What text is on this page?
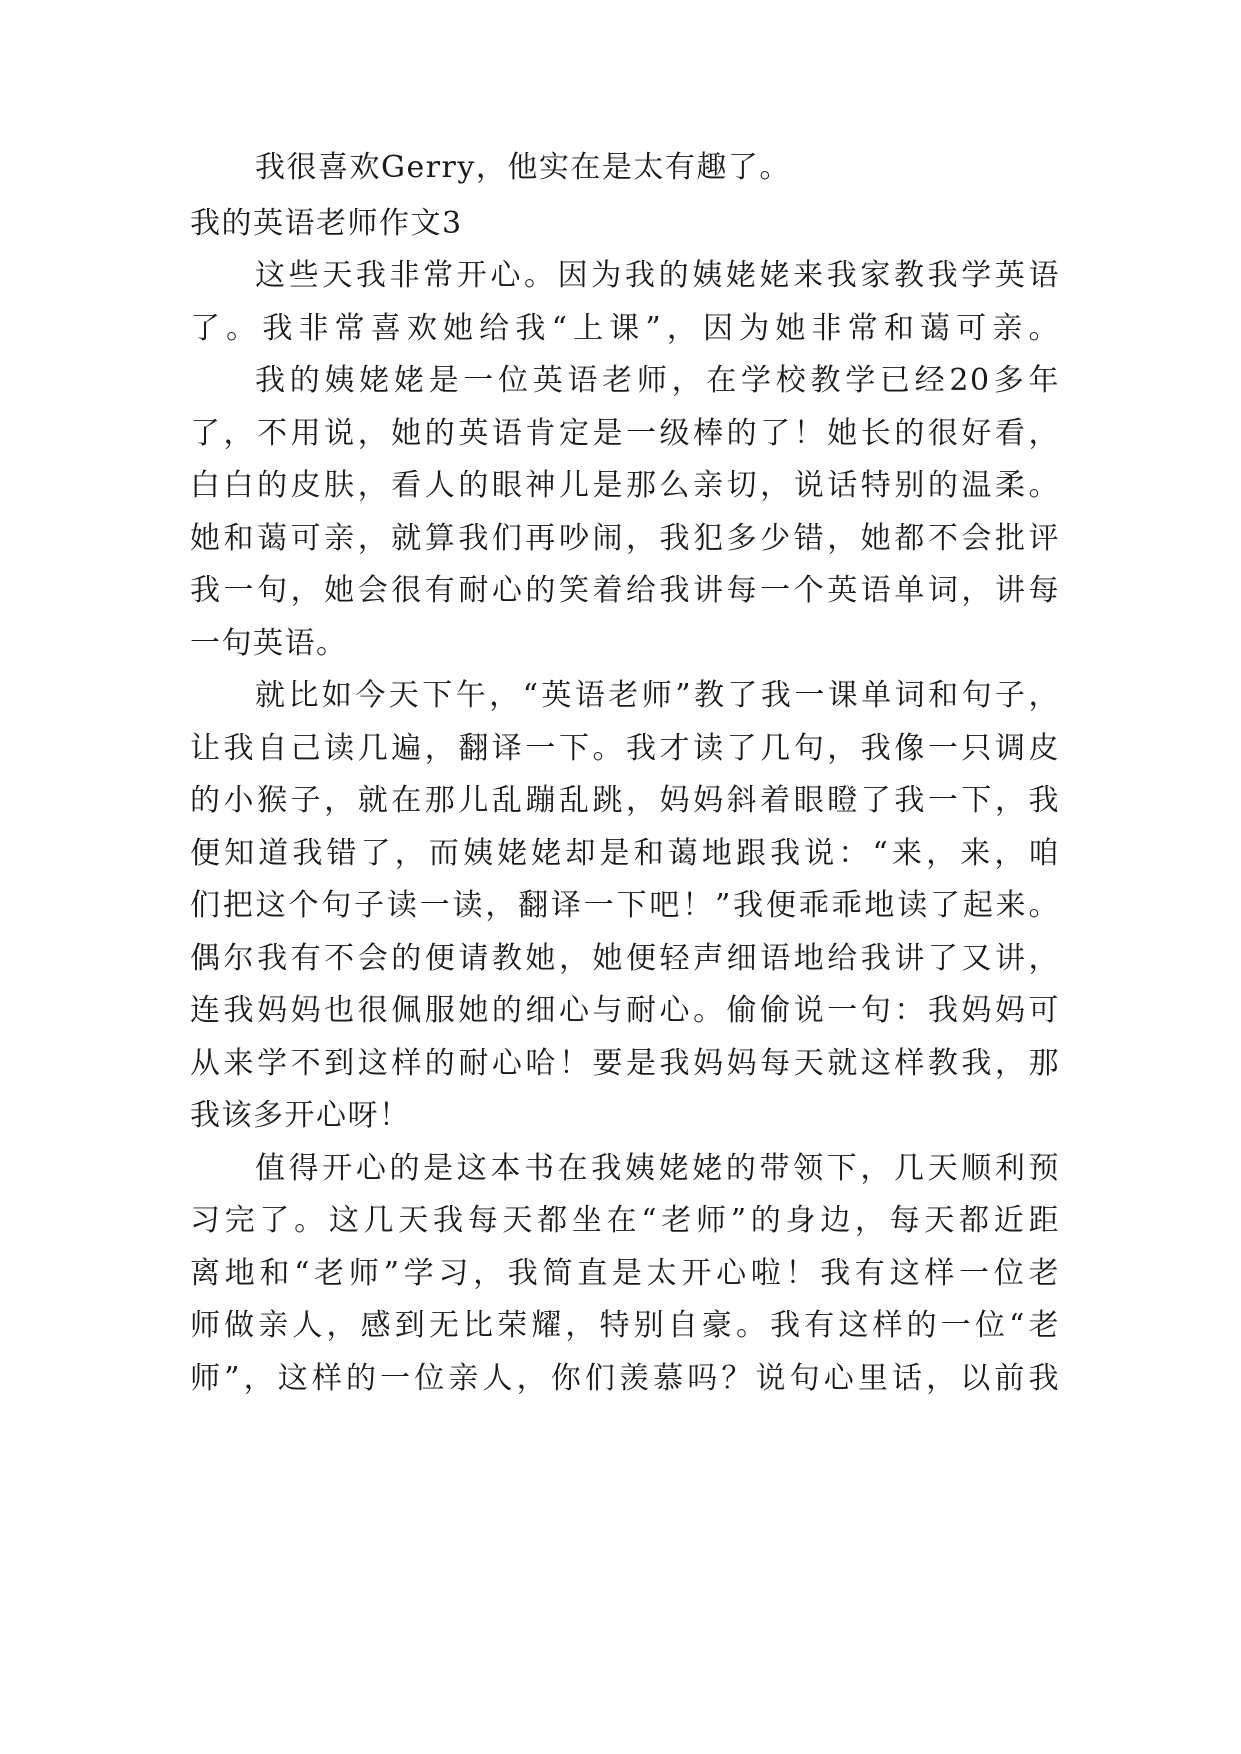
我很喜欢Gerry，他实在是太有趣了。
我的英语老师作文3
这些天我非常开心。因为我的姨姥姥来我家教我学英语
了。我非常喜欢她给我“上课”，因为她非常和蔼可亲。
我的姨姥姥是一位英语老师，在学校教学已经20多年
了，不用说，她的英语肯定是一级棒的了！她长的很好看，
白白的皮肤，看人的眼神儿是那么亲切，说话特别的温柔。
她和蔼可亲，就算我们再吵闹，我犯多少错，她都不会批评
我一句，她会很有耐心的笑着给我讲每一个英语单词，讲每
一句英语。
就比如今天下午，“英语老师”教了我一课单词和句子，
让我自己读几遍，翻译一下。我才读了几句，我像一只调皮
的小猴子，就在那儿乱蹦乱跳，妈妈斜着眼瞪了我一下，我
便知道我错了，而姨姥姥却是和蔼地跟我说：“来，来，咱
们把这个句子读一读，翻译一下吧！”我便乖乖地读了起来。
偶尔我有不会的便请教她，她便轻声细语地给我讲了又讲，
连我妈妈也很佩服她的细心与耐心。偷偷说一句：我妈妈可
从来学不到这样的耐心哈！要是我妈妈每天就这样教我，那
我该多开心呀！
值得开心的是这本书在我姨姥姥的带领下，几天顺利预
习完了。这几天我每天都坐在“老师”的身边，每天都近距
离地和“老师”学习，我简直是太开心啦！我有这样一位老
师做亲人，感到无比荣耀，特别自豪。我有这样的一位“老
师”，这样的一位亲人，你们羡慕吗？说句心里话，以前我
